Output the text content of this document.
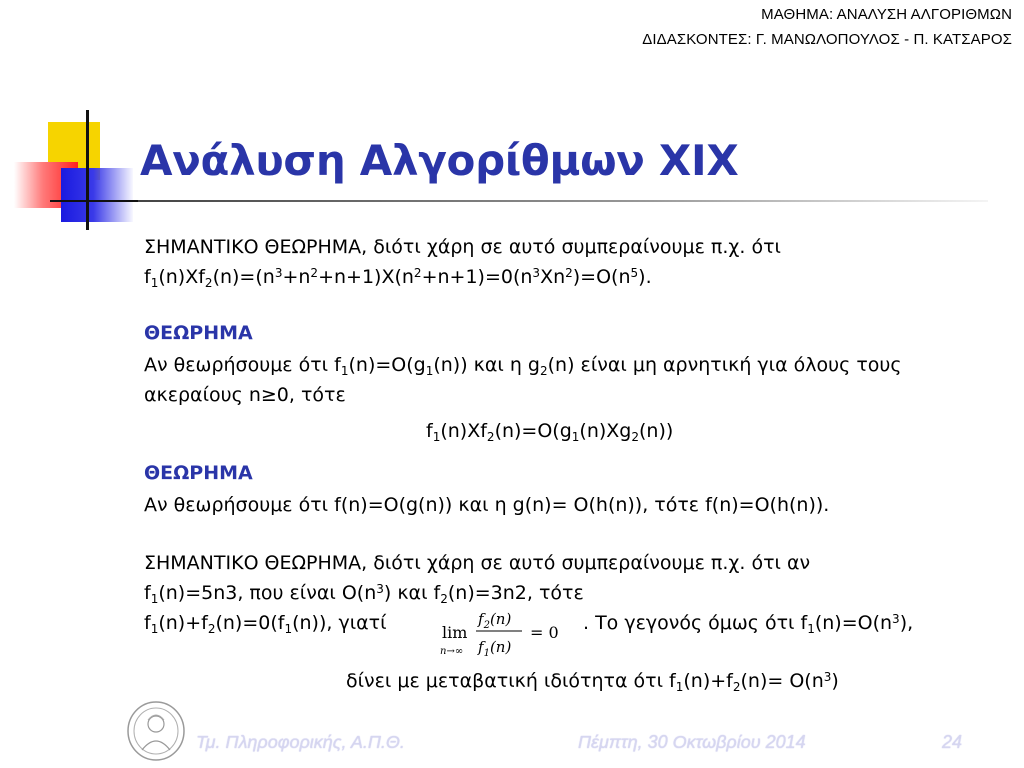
ΜΑΘΗΜΑ: ΑΝΑΛΥΣΗ ΑΛΓΟΡΙΘΜΩΝ
ΔΙΔΑΣΚΟΝΤΕΣ: Γ. ΜΑΝΩΛΟΠΟΥΛΟΣ - Π. ΚΑΤΣΑΡΟΣ
Ανάλυση Αλγορίθμων XIX
ΣΗΜΑΝΤΙΚΟ ΘΕΩΡΗΜΑ, διότι χάρη σε αυτό συμπεραίνουμε π.χ. ότι
$f_1(n)Xf_2(n)=(n^3+n^2+n+1)X(n^2+n+1)=0(n^3Xn^2)=O(n^5)$.
ΘΕΩΡΗΜΑ
Αν θεωρήσουμε ότι $f_1(n)=O(g_1(n))$ και η $g_2(n)$ είναι μη αρνητική για όλους τους
ακεραίους n≥0, τότε
$f_1(n)Xf_2(n)=O(g_1(n)Xg_2(n))$
ΘΕΩΡΗΜΑ
Αν θεωρήσουμε ότι f(n)=O(g(n)) και η g(n)= O(h(n)), τότε f(n)=O(h(n)).
ΣΗΜΑΝΤΙΚΟ ΘΕΩΡΗΜΑ, διότι χάρη σε αυτό συμπεραίνουμε π.χ. ότι αν
$f_1(n)=5n3$, που είναι $O(n^3)$ και $f_2(n)=3n2$, τότε
$f_1(n)+f_2(n)=0(f_1(n))$, γιατί	lim
n→∞
$f_2(n)$
$f_1(n)$
= 0 . Το γεγονός όμως ότι $f_1(n)=O(n^3)$,
δίνει με μεταβατική ιδιότητα ότι $f_1(n)+f_2(n)= O(n^3)$
Τμ. Πληροφορικής, Α.Π.Θ.	Πέμπτη, 30 Οκτωβρίου 2014	24
